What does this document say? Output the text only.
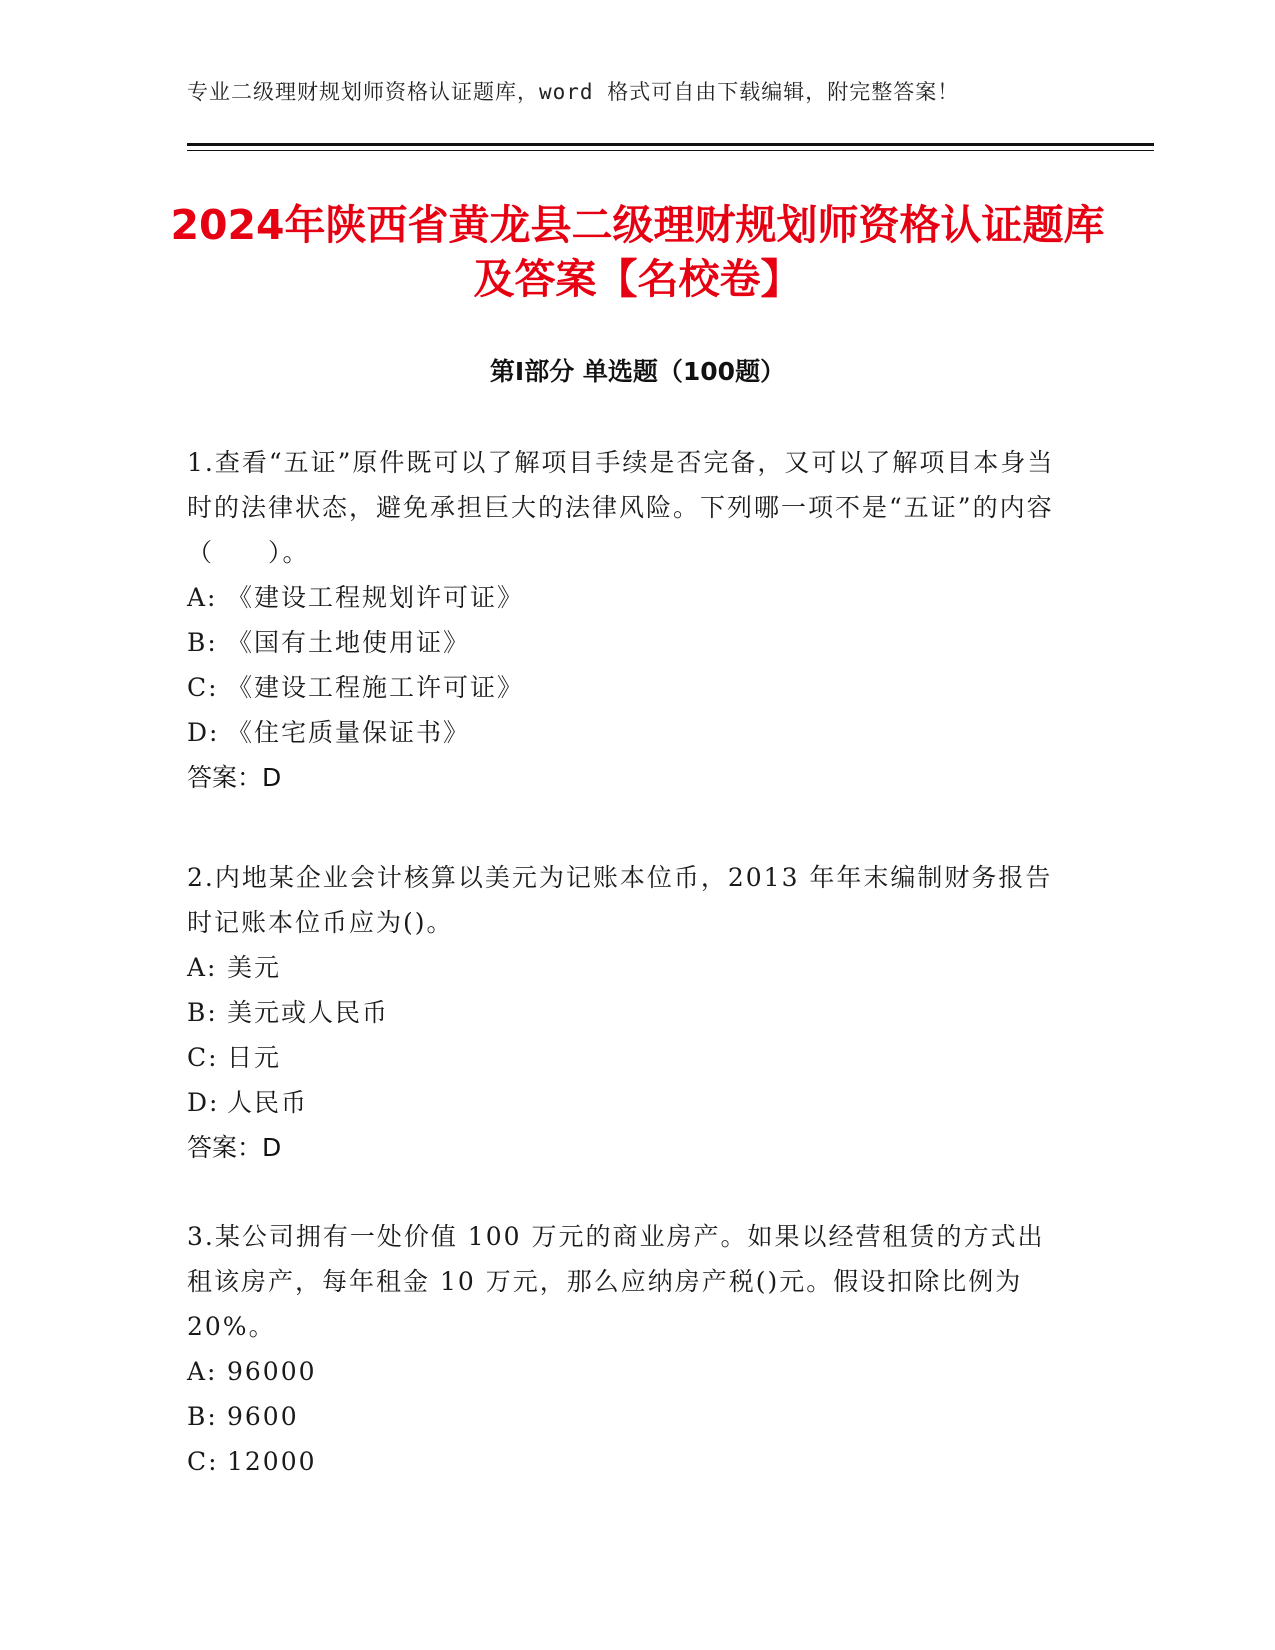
专业二级理财规划师资格认证题库，word 格式可自由下载编辑，附完整答案！
2024年陕西省黄龙县二级理财规划师资格认证题库及答案【名校卷】
第Ⅰ部分 单选题（100题）
1.查看“五证”原件既可以了解项目手续是否完备，又可以了解项目本身当时的法律状态，避免承担巨大的法律风险。下列哪一项不是“五证”的内容（　　）。
A: 《建设工程规划许可证》
B: 《国有土地使用证》
C: 《建设工程施工许可证》
D: 《住宅质量保证书》
答案：D
2.内地某企业会计核算以美元为记账本位币，2013 年年末编制财务报告时记账本位币应为()。
A: 美元
B: 美元或人民币
C: 日元
D: 人民币
答案：D
3.某公司拥有一处价值 100 万元的商业房产。如果以经营租赁的方式出租该房产，每年租金 10 万元，那么应纳房产税()元。假设扣除比例为 20%。
A: 96000
B: 9600
C: 12000
